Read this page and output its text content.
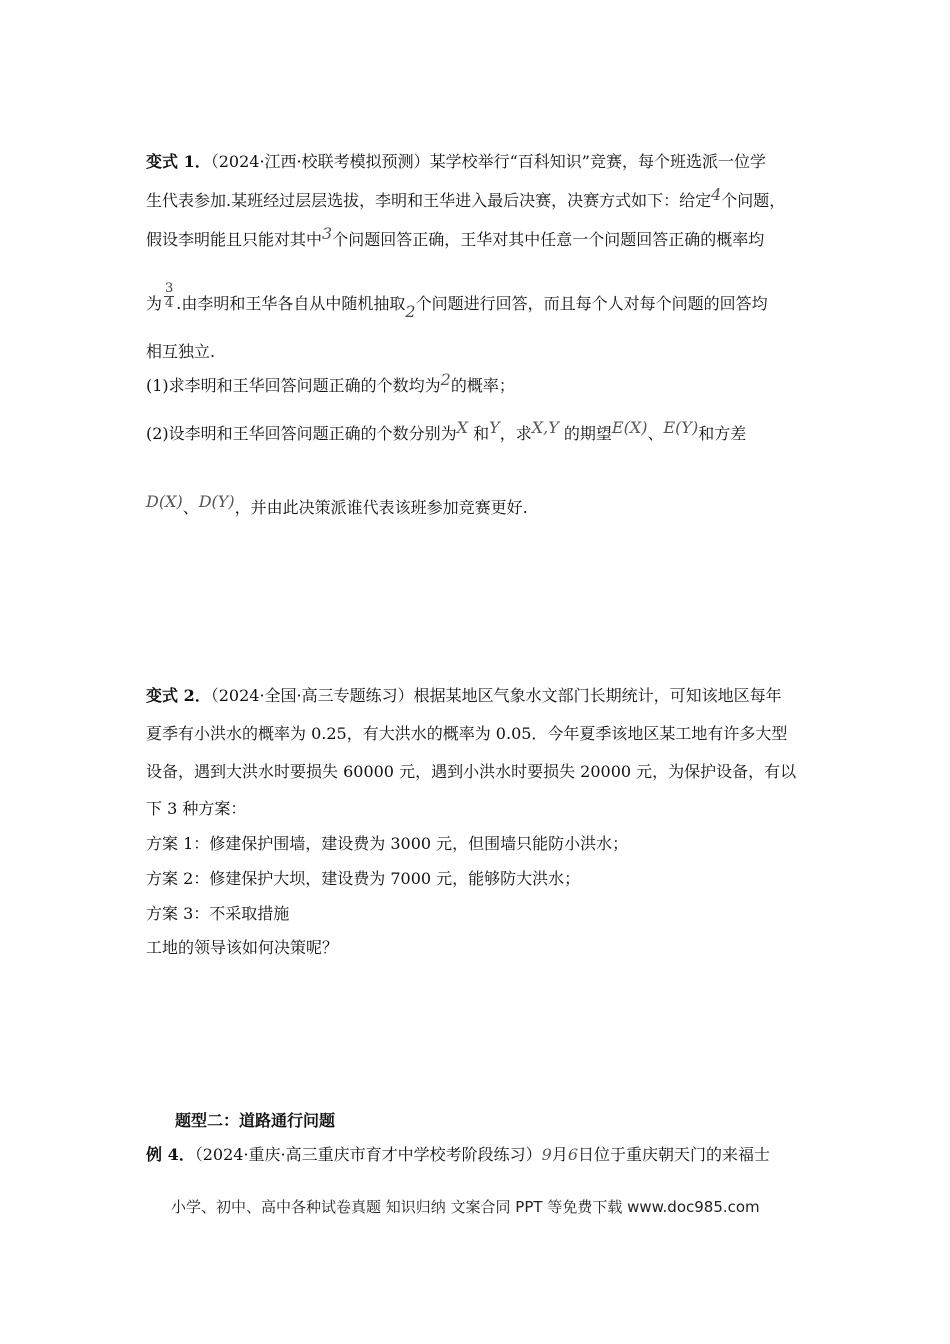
变式 1．（2024·江西·校联考模拟预测）某学校举行“百科知识”竞赛，每个班选派一位学
生代表参加.某班经过层层选拔，李明和王华进入最后决赛，决赛方式如下：给定4个问题，
假设李明能且只能对其中3个问题回答正确，王华对其中任意一个问题回答正确的概率均
为 $\frac{3}{4}$ .由李明和王华各自从中随机抽取2个问题进行回答，而且每个人对每个问题的回答均
相互独立.
(1)求李明和王华回答问题正确的个数均为2的概率；
(2)设李明和王华回答问题正确的个数分别为X 和Y，求X,Y 的期望E(X)、E(Y)和方差
D(X)、D(Y)，并由此决策派谁代表该班参加竞赛更好.
变式 2．（2024·全国·高三专题练习）根据某地区气象水文部门长期统计，可知该地区每年
夏季有小洪水的概率为 0.25，有大洪水的概率为 0.05．今年夏季该地区某工地有许多大型
设备，遇到大洪水时要损失 60000 元，遇到小洪水时要损失 20000 元，为保护设备，有以
下 3 种方案：
方案 1：修建保护围墙，建设费为 3000 元，但围墙只能防小洪水；
方案 2：修建保护大坝，建设费为 7000 元，能够防大洪水；
方案 3：不采取措施
工地的领导该如何决策呢？
题型二：道路通行问题
例 4．（2024·重庆·高三重庆市育才中学校考阶段练习）9月6日位于重庆朝天门的来福士
小学、初中、高中各种试卷真题 知识归纳 文案合同 PPT 等免费下载 www.doc985.com
